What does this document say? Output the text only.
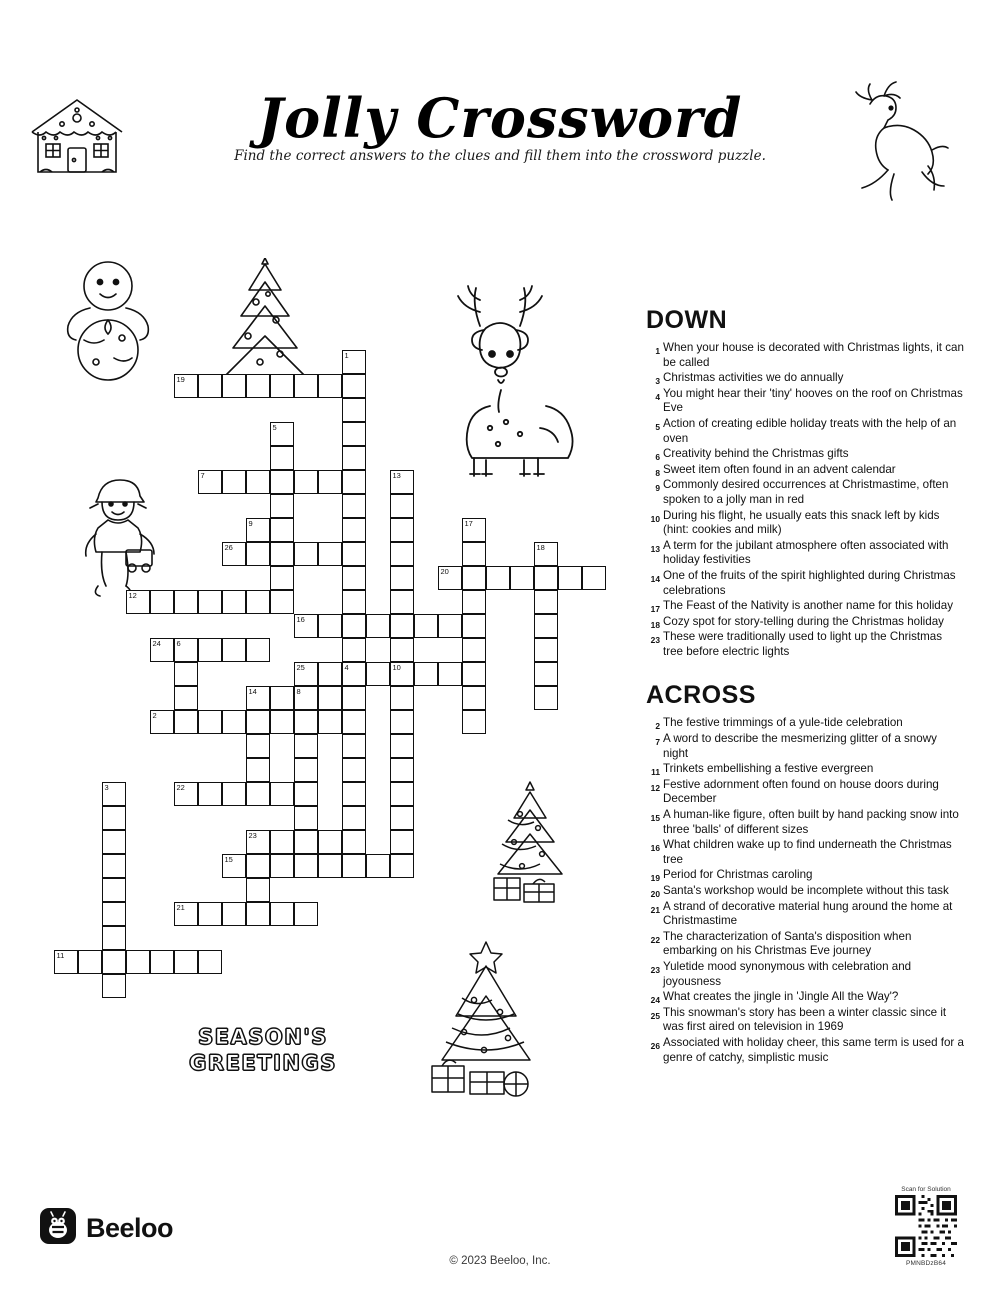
Jolly Crossword
Find the correct answers to the clues and fill them into the crossword puzzle.
SEASON'S
GREETINGS
1
19
5
7	13
9	17
26	18
20
12
16
24 6
25	4	10
14	8
2
3	22
23
15
21
11
DOWN
1 When your house is decorated with Christmas lights, it can be called
3 Christmas activities we do annually
4 You might hear their 'tiny' hooves on the roof on Christmas Eve
5 Action of creating edible holiday treats with the help of an oven
6 Creativity behind the Christmas gifts
8 Sweet item often found in an advent calendar
9 Commonly desired occurrences at Christmastime, often spoken to a jolly man in red
10 During his flight, he usually eats this snack left by kids (hint: cookies and milk)
13 A term for the jubilant atmosphere often associated with holiday festivities
14 One of the fruits of the spirit highlighted during Christmas celebrations
17 The Feast of the Nativity is another name for this holiday
18 Cozy spot for story-telling during the Christmas holiday
23 These were traditionally used to light up the Christmas tree before electric lights
ACROSS
2 The festive trimmings of a yule-tide celebration
7 A word to describe the mesmerizing glitter of a snowy night
11 Trinkets embellishing a festive evergreen
12 Festive adornment often found on house doors during December
15 A human-like figure, often built by hand packing snow into three 'balls' of different sizes
16 What children wake up to find underneath the Christmas tree
19 Period for Christmas caroling
20 Santa's workshop would be incomplete without this task
21 A strand of decorative material hung around the home at Christmastime
22 The characterization of Santa's disposition when embarking on his Christmas Eve journey
23 Yuletide mood synonymous with celebration and joyousness
24 What creates the jingle in 'Jingle All the Way'?
25 This snowman's story has been a winter classic since it was first aired on television in 1969
26 Associated with holiday cheer, this same term is used for a genre of catchy, simplistic music
Beeloo
© 2023 Beeloo, Inc.
Scan for Solution
PMNBDzB64
